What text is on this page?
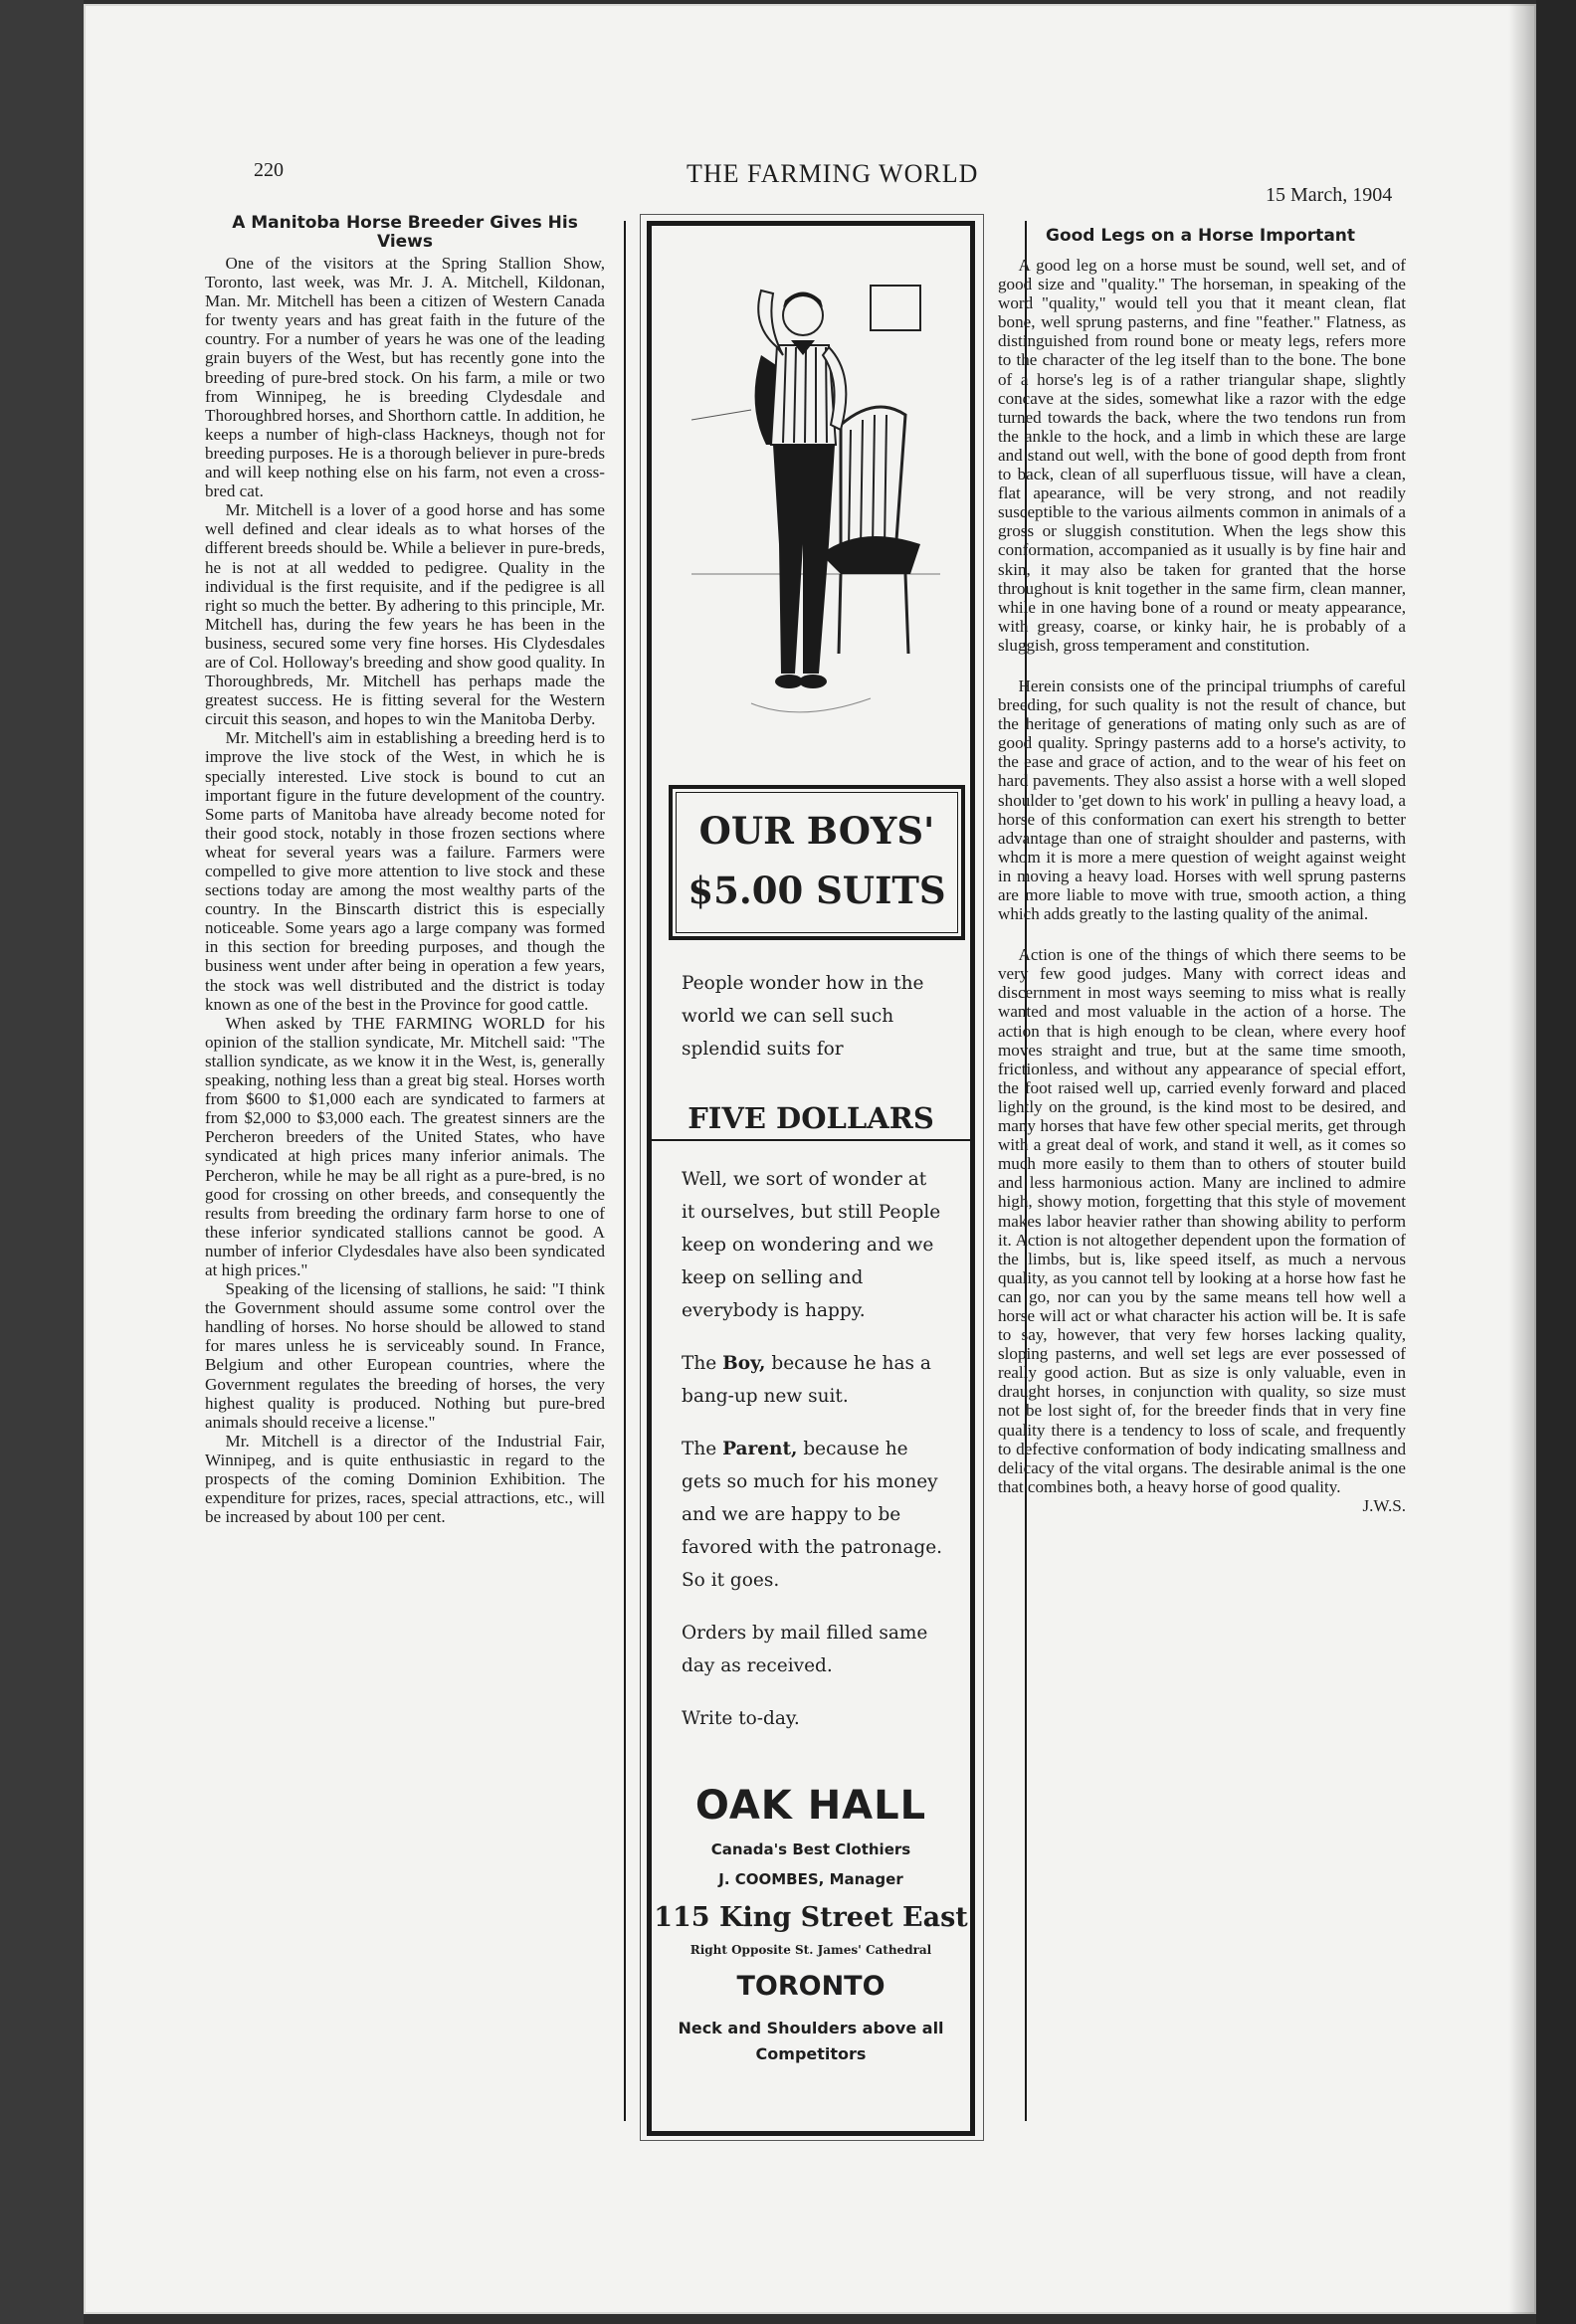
220	THE FARMING WORLD
15 March, 1904
A Manitoba Horse Breeder Gives His Views

One of the visitors at the Spring Stallion Show, Toronto, last week, was Mr. J. A. Mitchell, Kildonan, Man. Mr. Mitchell has been a citizen of Western Canada for twenty years and has great faith in the future of the country. For a number of years he was one of the leading grain buyers of the West, but has recently gone into the breeding of pure-bred stock. On his farm, a mile or two from Winnipeg, he is breeding Clydesdale and Thoroughbred horses, and Shorthorn cattle. In addition, he keeps a number of high-class Hackneys, though not for breeding purposes. He is a thorough believer in pure-breds and will keep nothing else on his farm, not even a cross-bred cat.

Mr. Mitchell is a lover of a good horse and has some well defined and clear ideals as to what horses of the different breeds should be. While a believer in pure-breds, he is not at all wedded to pedigree. Quality in the individual is the first requisite, and if the pedigree is all right so much the better. By adhering to this principle, Mr. Mitchell has, during the few years he has been in the business, secured some very fine horses. His Clydesdales are of Col. Holloway's breeding and show good quality. In Thoroughbreds, Mr. Mitchell has perhaps made the greatest success. He is fitting several for the Western circuit this season, and hopes to win the Manitoba Derby.

Mr. Mitchell's aim in establishing a breeding herd is to improve the live stock of the West, in which he is specially interested. Live stock is bound to cut an important figure in the future development of the country. Some parts of Manitoba have already become noted for their good stock, notably in those frozen sections where wheat for several years was a failure. Farmers were compelled to give more attention to live stock and these sections today are among the most wealthy parts of the country. In the Binscarth district this is especially noticeable. Some years ago a large company was formed in this section for breeding purposes, and though the business went under after being in operation a few years, the stock was well distributed and the district is today known as one of the best in the Province for good cattle.

When asked by THE FARMING WORLD for his opinion of the stallion syndicate, Mr. Mitchell said: "The stallion syndicate, as we know it in the West, is, generally speaking, nothing less than a great big steal. Horses worth from $600 to $1,000 each are syndicated to farmers at from $2,000 to $3,000 each. The greatest sinners are the Percheron breeders of the United States, who have syndicated at high prices many inferior animals. The Percheron, while he may be all right as a pure-bred, is no good for crossing on other breeds, and consequently the results from breeding the ordinary farm horse to one of these inferior syndicated stallions cannot be good. A number of inferior Clydesdales have also been syndicated at high prices."

Speaking of the licensing of stallions, he said: "I think the Government should assume some control over the handling of horses. No horse should be allowed to stand for mares unless he is serviceably sound. In France, Belgium and other European countries, where the Government regulates the breeding of horses, the very highest quality is produced. Nothing but pure-bred animals should receive a license."

Mr. Mitchell is a director of the Industrial Fair, Winnipeg, and is quite enthusiastic in regard to the prospects of the coming Dominion Exhibition. The expenditure for prizes, races, special attractions, etc., will be increased by about 100 per cent.

OUR BOYS'
$5.00 SUITS

People wonder how in the world we can sell such splendid suits for

FIVE DOLLARS

Well, we sort of wonder at it ourselves, but still People keep on wondering and we keep on selling and everybody is happy.

The Boy, because he has a bang-up new suit.

The Parent, because he gets so much for his money and we are happy to be favored with the patronage. So it goes.

Orders by mail filled same day as received.

Write to-day.

OAK HALL
Canada's Best Clothiers
J. COOMBES, Manager
115 King Street East
Right Opposite St. James' Cathedral
TORONTO
Neck and Shoulders above all Competitors
Good Legs on a Horse Important

A good leg on a horse must be sound, well set, and of good size and "quality." The horseman, in speaking of the word "quality," would tell you that it meant clean, flat bone, well sprung pasterns, and fine "feather." Flatness, as distinguished from round bone or meaty legs, refers more to the character of the leg itself than to the bone. The bone of a horse's leg is of a rather triangular shape, slightly concave at the sides, somewhat like a razor with the edge turned towards the back, where the two tendons run from the ankle to the hock, and a limb in which these are large and stand out well, with the bone of good depth from front to back, clean of all superfluous tissue, will have a clean, flat apearance, will be very strong, and not readily susceptible to the various ailments common in animals of a gross or sluggish constitution. When the legs show this conformation, accompanied as it usually is by fine hair and skin, it may also be taken for granted that the horse throughout is knit together in the same firm, clean manner, while in one having bone of a round or meaty appearance, with greasy, coarse, or kinky hair, he is probably of a sluggish, gross temperament and constitution.

Herein consists one of the principal triumphs of careful breeding, for such quality is not the result of chance, but the heritage of generations of mating only such as are of good quality. Springy pasterns add to a horse's activity, to the ease and grace of action, and to the wear of his feet on hard pavements. They also assist a horse with a well sloped shoulder to 'get down to his work' in pulling a heavy load, a horse of this conformation can exert his strength to better advantage than one of straight shoulder and pasterns, with whom it is more a mere question of weight against weight in moving a heavy load. Horses with well sprung pasterns are more liable to move with true, smooth action, a thing which adds greatly to the lasting quality of the animal.

Action is one of the things of which there seems to be very few good judges. Many with correct ideas and discernment in most ways seeming to miss what is really wanted and most valuable in the action of a horse. The action that is high enough to be clean, where every hoof moves straight and true, but at the same time smooth, frictionless, and without any appearance of special effort, the foot raised well up, carried evenly forward and placed lightly on the ground, is the kind most to be desired, and many horses that have few other special merits, get through with a great deal of work, and stand it well, as it comes so much more easily to them than to others of stouter build and less harmonious action. Many are inclined to admire high, showy motion, forgetting that this style of movement makes labor heavier rather than showing ability to perform it. Action is not altogether dependent upon the formation of the limbs, but is, like speed itself, as much a nervous quality, as you cannot tell by looking at a horse how fast he can go, nor can you by the same means tell how well a horse will act or what character his action will be. It is safe to say, however, that very few horses lacking quality, sloping pasterns, and well set legs are ever possessed of really good action. But as size is only valuable, even in draught horses, in conjunction with quality, so size must not be lost sight of, for the breeder finds that in very fine quality there is a tendency to loss of scale, and frequently to defective conformation of body indicating smallness and delicacy of the vital organs. The desirable animal is the one that combines both, a heavy horse of good quality.

J.W.S.
